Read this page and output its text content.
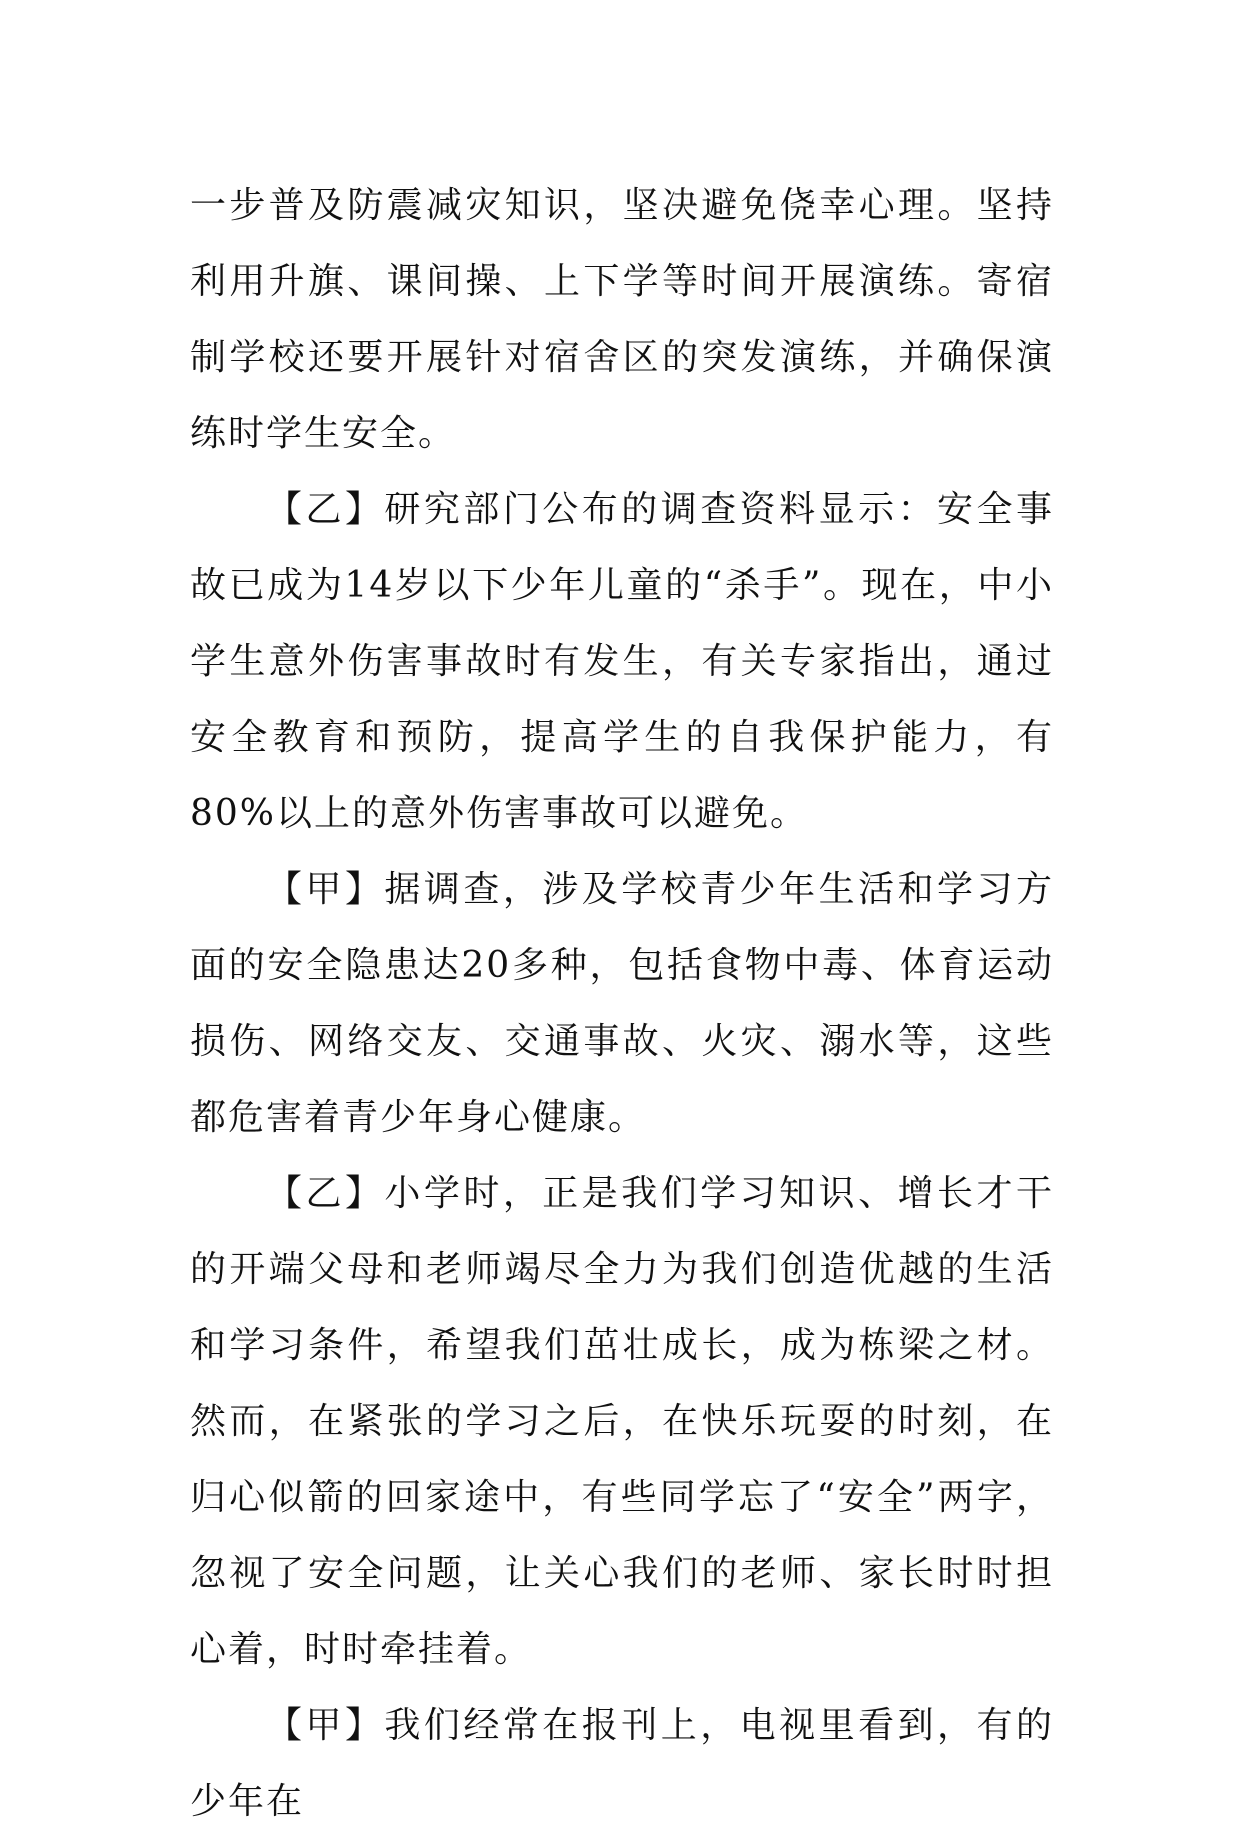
一步普及防震减灾知识，坚决避免侥幸心理。坚持利用升旗、课间操、上下学等时间开展演练。寄宿制学校还要开展针对宿舍区的突发演练，并确保演练时学生安全。

【乙】研究部门公布的调查资料显示：安全事故已成为14岁以下少年儿童的“杀手”。现在，中小学生意外伤害事故时有发生，有关专家指出，通过安全教育和预防，提高学生的自我保护能力，有80%以上的意外伤害事故可以避免。

【甲】据调查，涉及学校青少年生活和学习方面的安全隐患达20多种，包括食物中毒、体育运动损伤、网络交友、交通事故、火灾、溺水等，这些都危害着青少年身心健康。

【乙】小学时，正是我们学习知识、增长才干的开端父母和老师竭尽全力为我们创造优越的生活和学习条件，希望我们茁壮成长，成为栋梁之材。然而，在紧张的学习之后，在快乐玩耍的时刻，在归心似箭的回家途中，有些同学忘了“安全”两字，忽视了安全问题，让关心我们的老师、家长时时担心着，时时牵挂着。

【甲】我们经常在报刊上，电视里看到，有的少年在
